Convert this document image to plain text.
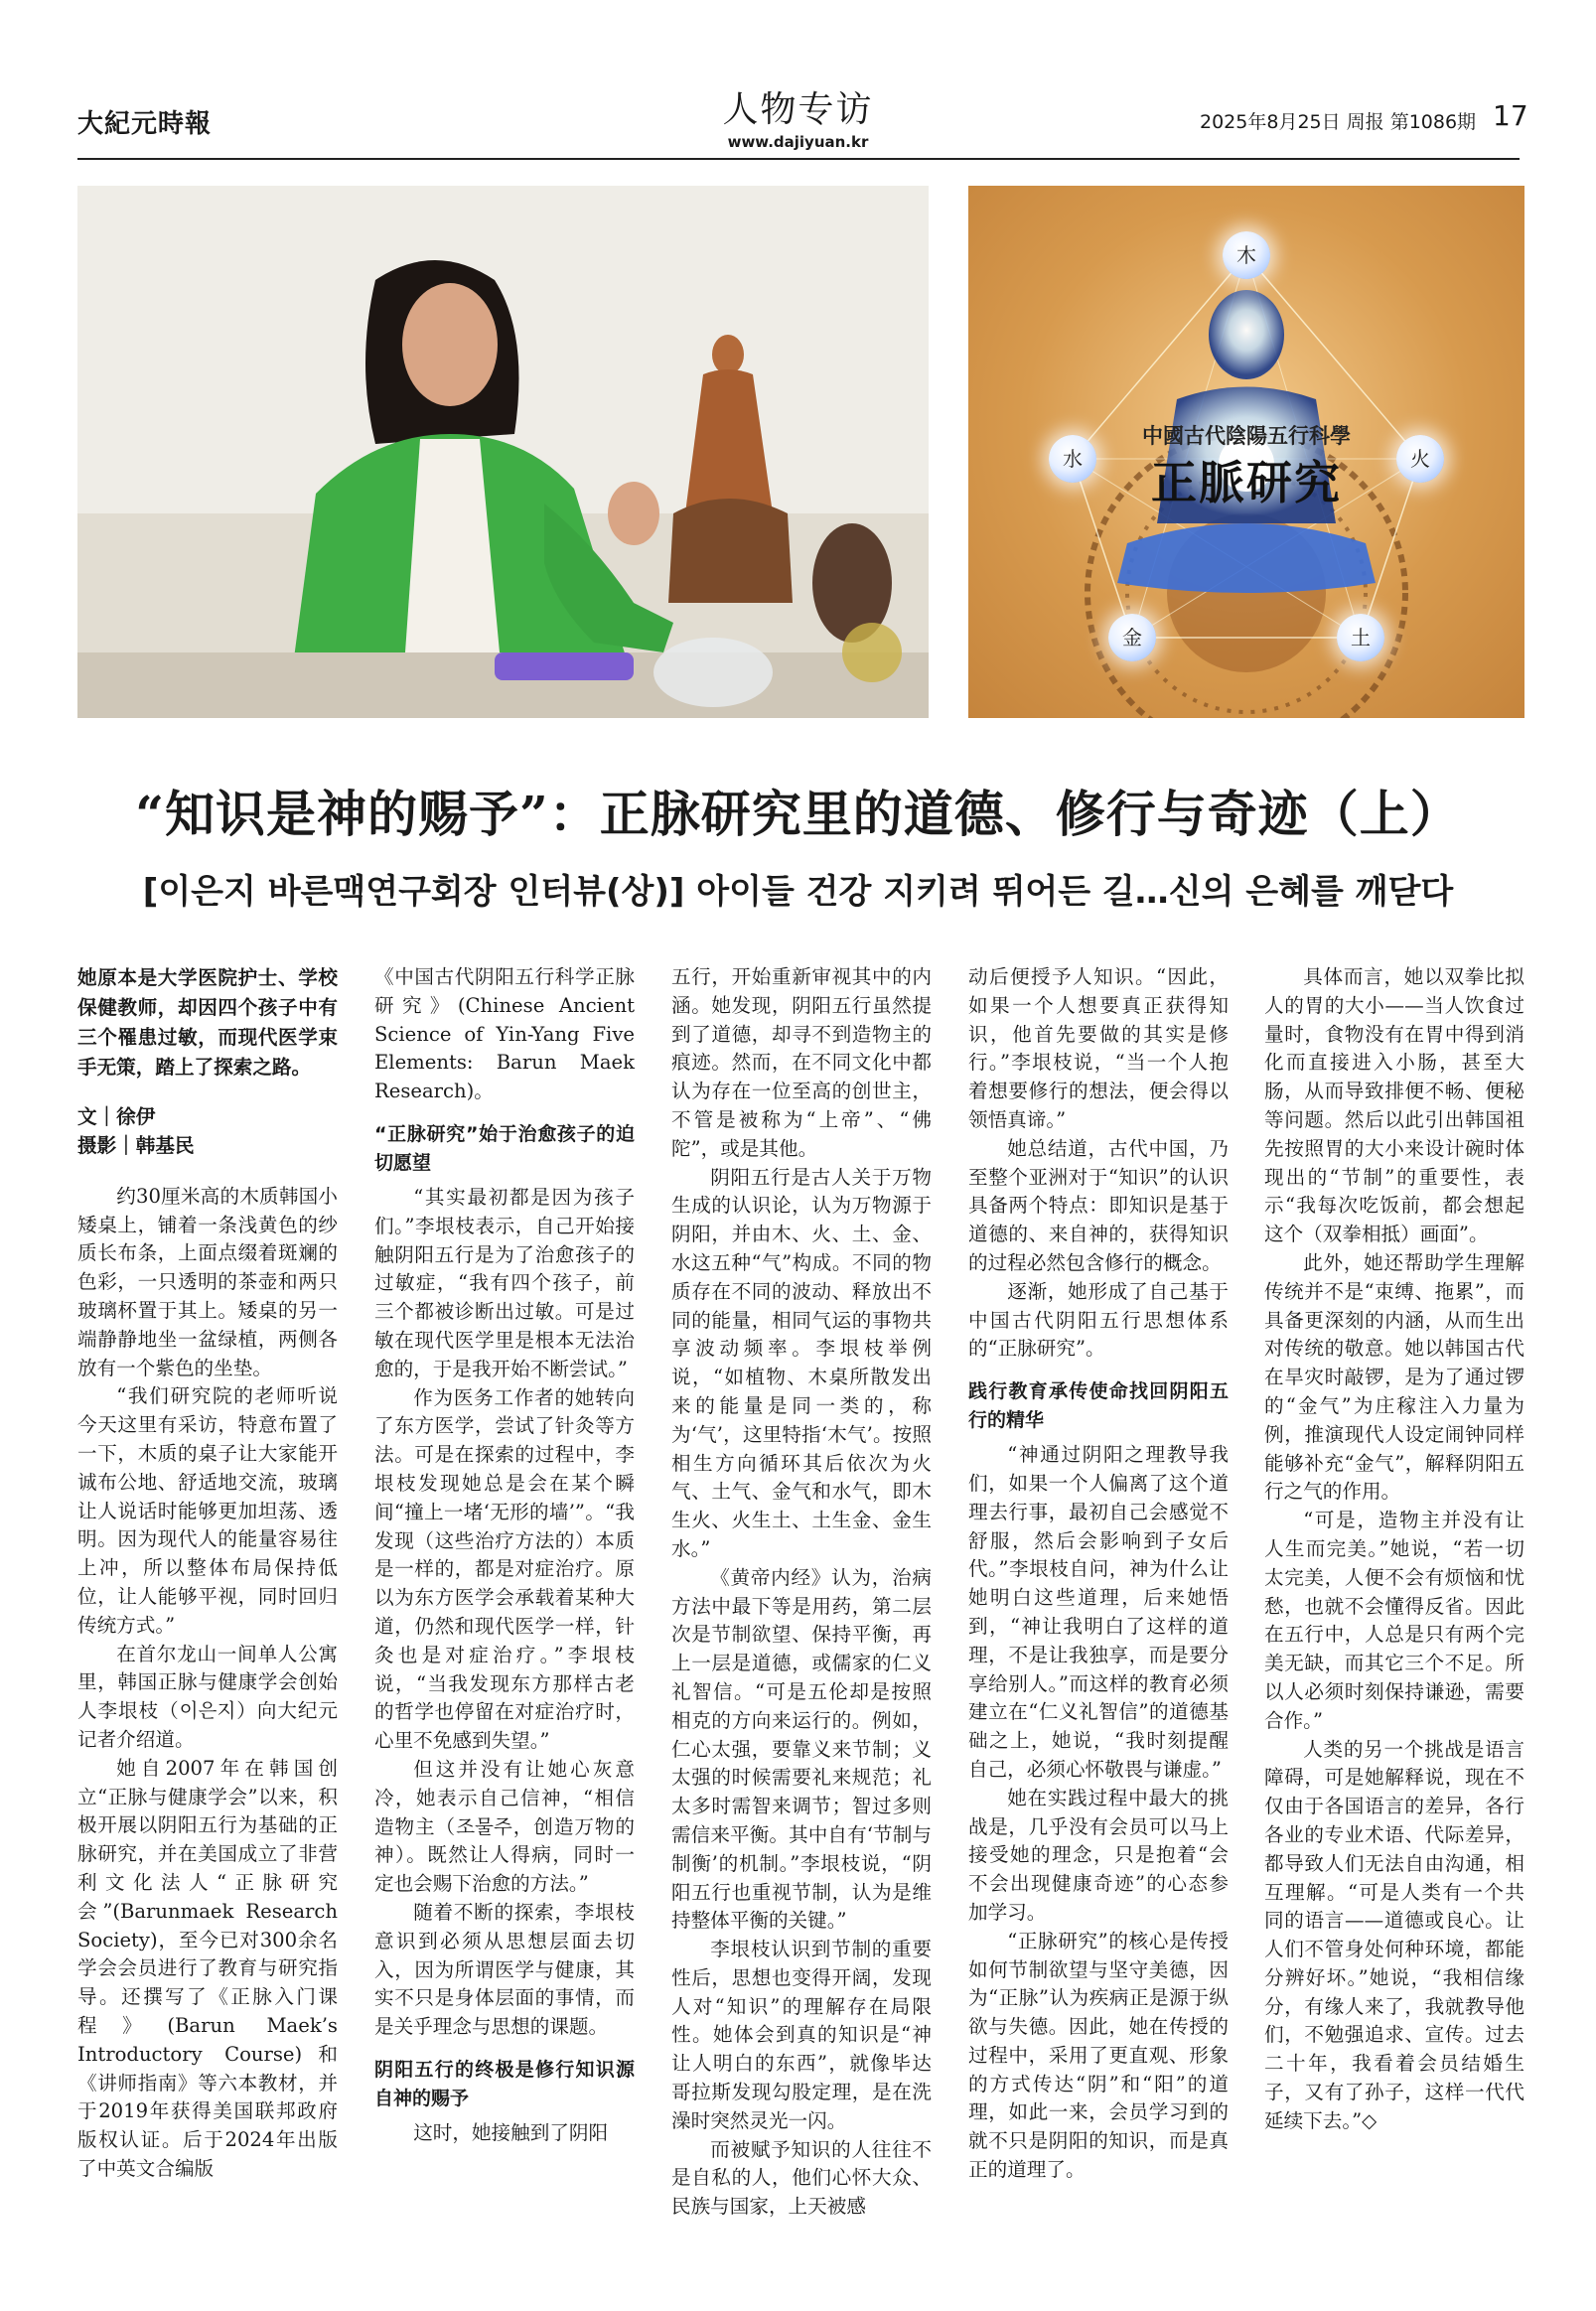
大紀元時報	人物专访
www.dajiyuan.kr
2025年8月25日 周报 第1086期 17
中國古代陰陽五行科學
正脈研究
木
火
土
金
水
“知识是神的赐予”：正脉研究里的道德、修行与奇迹（上）
[이은지 바른맥연구회장 인터뷰(상)] 아이들 건강 지키려 뛰어든 길…신의 은혜를 깨닫다

她原本是大学医院护士、学校保健教师，却因四个孩子中有三个罹患过敏，而现代医学束手无策，踏上了探索之路。

文｜徐伊

摄影｜韩基民

约30厘米高的木质韩国小矮桌上，铺着一条浅黄色的纱质长布条，上面点缀着斑斓的色彩，一只透明的茶壶和两只玻璃杯置于其上。矮桌的另一端静静地坐一盆绿植，两侧各放有一个紫色的坐垫。

“我们研究院的老师听说今天这里有采访，特意布置了一下，木质的桌子让大家能开诚布公地、舒适地交流，玻璃让人说话时能够更加坦荡、透明。因为现代人的能量容易往上冲，所以整体布局保持低位，让人能够平视，同时回归传统方式。”

在首尔龙山一间单人公寓里，韩国正脉与健康学会创始人李垠枝（이은지）向大纪元记者介绍道。

她自2007年在韩国创立“正脉与健康学会”以来，积极开展以阴阳五行为基础的正脉研究，并在美国成立了非营利文化法人“正脉研究会”(Barunmaek Research Society)，至今已对300余名学会会员进行了教育与研究指导。还撰写了《正脉入门课程》(Barun Maek’s Introductory Course)和《讲师指南》等六本教材，并于2019年获得美国联邦政府版权认证。后于2024年出版了中英文合编版

《中国古代阴阳五行科学正脉研究》(Chinese Ancient Science of Yin-Yang Five Elements: Barun Maek Research)。

“正脉研究”始于治愈孩子的迫切愿望

“其实最初都是因为孩子们。”李垠枝表示，自己开始接触阴阳五行是为了治愈孩子的过敏症，“我有四个孩子，前三个都被诊断出过敏。可是过敏在现代医学里是根本无法治愈的，于是我开始不断尝试。”

作为医务工作者的她转向了东方医学，尝试了针灸等方法。可是在探索的过程中，李垠枝发现她总是会在某个瞬间“撞上一堵‘无形的墙’”。“我发现（这些治疗方法的）本质是一样的，都是对症治疗。原以为东方医学会承载着某种大道，仍然和现代医学一样，针灸也是对症治疗。”李垠枝说，“当我发现东方那样古老的哲学也停留在对症治疗时，心里不免感到失望。”

但这并没有让她心灰意冷，她表示自己信神，“相信造物主（조물주，创造万物的神）。既然让人得病，同时一定也会赐下治愈的方法。”

随着不断的探索，李垠枝意识到必须从思想层面去切入，因为所谓医学与健康，其实不只是身体层面的事情，而是关乎理念与思想的课题。

阴阳五行的终极是修行知识源自神的赐予

这时，她接触到了阴阳

五行，开始重新审视其中的内涵。她发现，阴阳五行虽然提到了道德，却寻不到造物主的痕迹。然而，在不同文化中都认为存在一位至高的创世主，不管是被称为“上帝”、“佛陀”，或是其他。

阴阳五行是古人关于万物生成的认识论，认为万物源于阴阳，并由木、火、土、金、水这五种“气”构成。不同的物质存在不同的波动、释放出不同的能量，相同气运的事物共享波动频率。李垠枝举例说，“如植物、木桌所散发出来的能量是同一类的，称为‘气’，这里特指‘木气’。按照相生方向循环其后依次为火气、土气、金气和水气，即木生火、火生土、土生金、金生水。”

《黄帝内经》认为，治病方法中最下等是用药，第二层次是节制欲望、保持平衡，再上一层是道德，或儒家的仁义礼智信。“可是五伦却是按照相克的方向来运行的。例如，仁心太强，要靠义来节制；义太强的时候需要礼来规范；礼太多时需智来调节；智过多则需信来平衡。其中自有‘节制与制衡’的机制。”李垠枝说，“阴阳五行也重视节制，认为是维持整体平衡的关键。”

李垠枝认识到节制的重要性后，思想也变得开阔，发现人对“知识”的理解存在局限性。她体会到真的知识是“神让人明白的东西”，就像毕达哥拉斯发现勾股定理，是在洗澡时突然灵光一闪。

而被赋予知识的人往往不是自私的人，他们心怀大众、民族与国家，上天被感

动后便授予人知识。“因此，如果一个人想要真正获得知识，他首先要做的其实是修行。”李垠枝说，“当一个人抱着想要修行的想法，便会得以领悟真谛。”

她总结道，古代中国，乃至整个亚洲对于“知识”的认识具备两个特点：即知识是基于道德的、来自神的，获得知识的过程必然包含修行的概念。

逐渐，她形成了自己基于中国古代阴阳五行思想体系的“正脉研究”。

践行教育承传使命找回阴阳五行的精华

“神通过阴阳之理教导我们，如果一个人偏离了这个道理去行事，最初自己会感觉不舒服，然后会影响到子女后代。”李垠枝自问，神为什么让她明白这些道理，后来她悟到，“神让我明白了这样的道理，不是让我独享，而是要分享给别人。”而这样的教育必须建立在“仁义礼智信”的道德基础之上，她说，“我时刻提醒自己，必须心怀敬畏与谦虚。”

她在实践过程中最大的挑战是，几乎没有会员可以马上接受她的理念，只是抱着“会不会出现健康奇迹”的心态参加学习。

“正脉研究”的核心是传授如何节制欲望与坚守美德，因为“正脉”认为疾病正是源于纵欲与失德。因此，她在传授的过程中，采用了更直观、形象的方式传达“阴”和“阳”的道理，如此一来，会员学习到的就不只是阴阳的知识，而是真正的道理了。

具体而言，她以双拳比拟人的胃的大小——当人饮食过量时，食物没有在胃中得到消化而直接进入小肠，甚至大肠，从而导致排便不畅、便秘等问题。然后以此引出韩国祖先按照胃的大小来设计碗时体现出的“节制”的重要性，表示“我每次吃饭前，都会想起这个（双拳相抵）画面”。

此外，她还帮助学生理解传统并不是“束缚、拖累”，而具备更深刻的内涵，从而生出对传统的敬意。她以韩国古代在旱灾时敲锣，是为了通过锣的“金气”为庄稼注入力量为例，推演现代人设定闹钟同样能够补充“金气”，解释阴阳五行之气的作用。

“可是，造物主并没有让人生而完美。”她说，“若一切太完美，人便不会有烦恼和忧愁，也就不会懂得反省。因此在五行中，人总是只有两个完美无缺，而其它三个不足。所以人必须时刻保持谦逊，需要合作。”

人类的另一个挑战是语言障碍，可是她解释说，现在不仅由于各国语言的差异，各行各业的专业术语、代际差异，都导致人们无法自由沟通，相互理解。“可是人类有一个共同的语言——道德或良心。让人们不管身处何种环境，都能分辨好坏。”她说，“我相信缘分，有缘人来了，我就教导他们，不勉强追求、宣传。过去二十年，我看着会员结婚生子，又有了孙子，这样一代代延续下去。”◇
